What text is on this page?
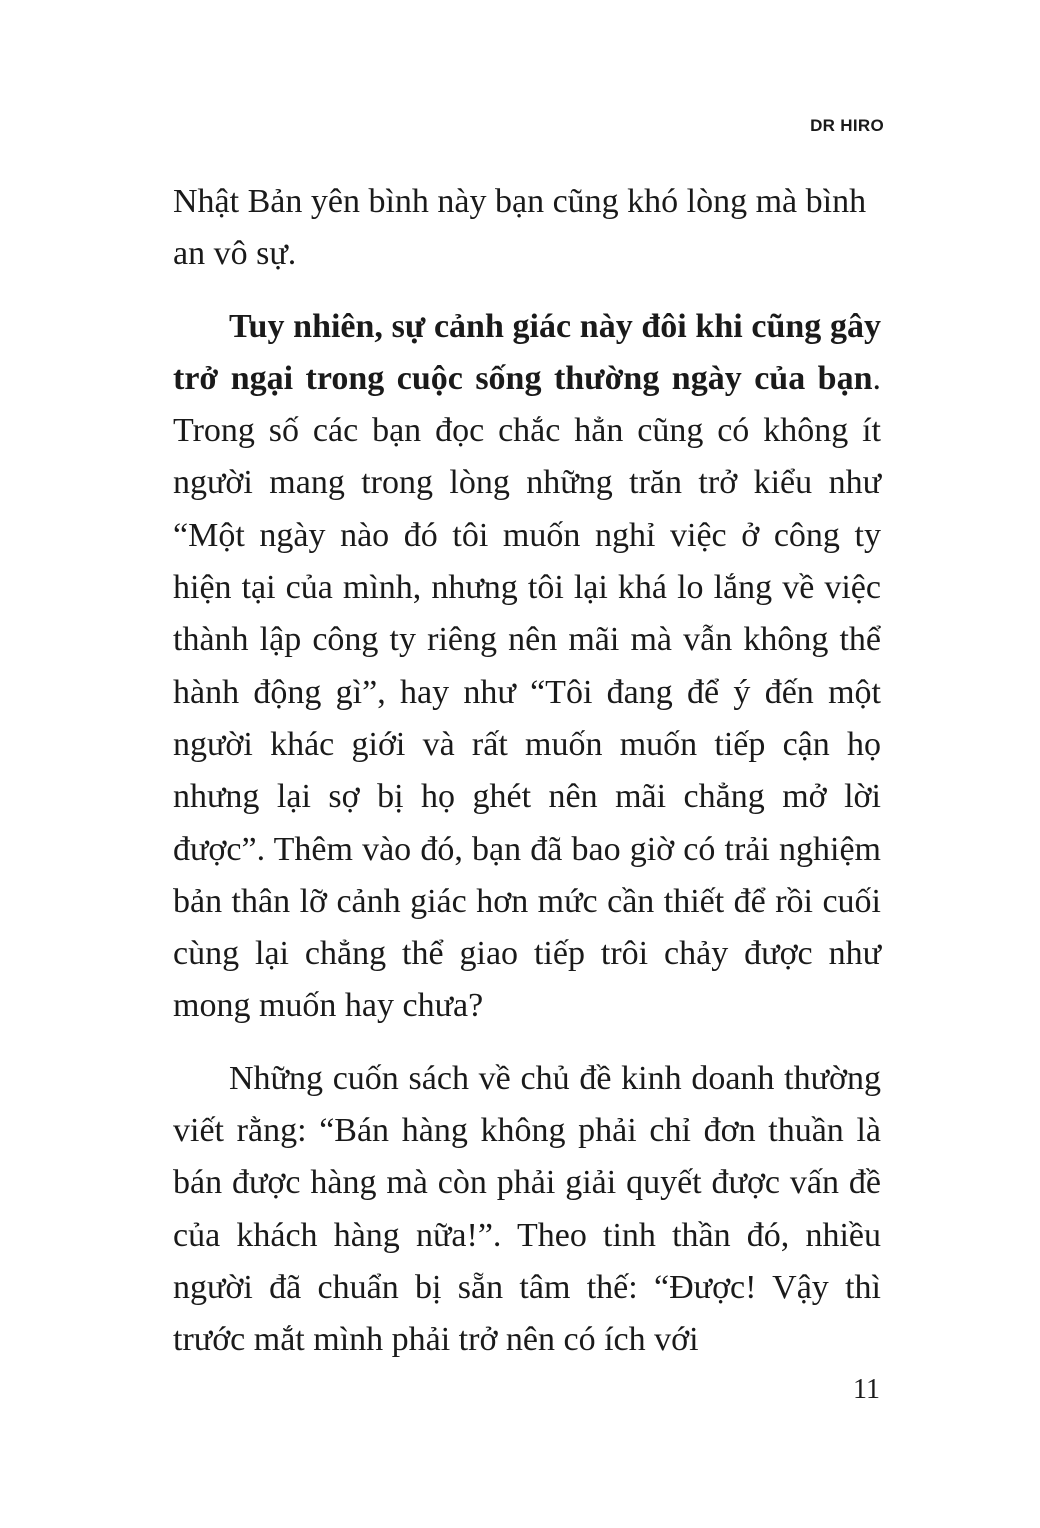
DR HIRO

Nhật Bản yên bình này bạn cũng khó lòng mà bình an vô sự.

Tuy nhiên, sự cảnh giác này đôi khi cũng gây trở ngại trong cuộc sống thường ngày của bạn. Trong số các bạn đọc chắc hẳn cũng có không ít người mang trong lòng những trăn trở kiểu như “Một ngày nào đó tôi muốn nghỉ việc ở công ty hiện tại của mình, nhưng tôi lại khá lo lắng về việc thành lập công ty riêng nên mãi mà vẫn không thể hành động gì”, hay như “Tôi đang để ý đến một người khác giới và rất muốn muốn tiếp cận họ nhưng lại sợ bị họ ghét nên mãi chẳng mở lời được”. Thêm vào đó, bạn đã bao giờ có trải nghiệm bản thân lỡ cảnh giác hơn mức cần thiết để rồi cuối cùng lại chẳng thể giao tiếp trôi chảy được như mong muốn hay chưa?

Những cuốn sách về chủ đề kinh doanh thường viết rằng: “Bán hàng không phải chỉ đơn thuần là bán được hàng mà còn phải giải quyết được vấn đề của khách hàng nữa!”. Theo tinh thần đó, nhiều người đã chuẩn bị sẵn tâm thế: “Được! Vậy thì trước mắt mình phải trở nên có ích với

11
